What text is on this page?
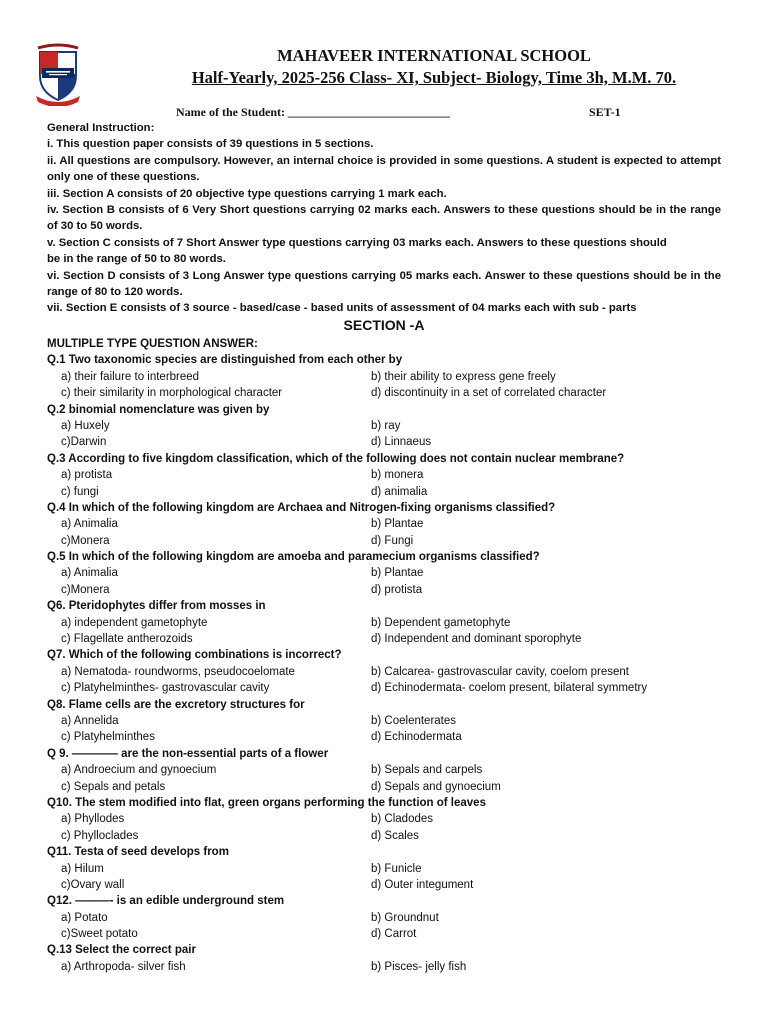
MAHAVEER INTERNATIONAL SCHOOL
Half-Yearly, 2025-256 Class- XI, Subject- Biology, Time 3h, M.M. 70.
Name of the Student: ___________________________	SET-1

General Instruction:

i. This question paper consists of 39 questions in 5 sections.

ii. All questions are compulsory. However, an internal choice is provided in some questions. A student is expected to attempt only one of these questions.

iii. Section A consists of 20 objective type questions carrying 1 mark each.

iv. Section B consists of 6 Very Short questions carrying 02 marks each. Answers to these questions should be in the range of 30 to 50 words.

v. Section C consists of 7 Short Answer type questions carrying 03 marks each. Answers to these questions should be in the range of 50 to 80 words.

vi. Section D consists of 3 Long Answer type questions carrying 05 marks each. Answer to these questions should be in the range of 80 to 120 words.

vii. Section E consists of 3 source - based/case - based units of assessment of 04 marks each with sub - parts

SECTION -A
MULTIPLE TYPE QUESTION ANSWER:
Q.1 Two taxonomic species are distinguished from each other by
a) their failure to interbreed	b) their ability to express gene freely
c) their similarity in morphological character	d) discontinuity in a set of correlated character
Q.2 binomial nomenclature was given by
a) Huxely	b) ray
c)Darwin	d) Linnaeus
Q.3 According to five kingdom classification, which of the following does not contain nuclear membrane?
a) protista	b) monera
c) fungi	d) animalia
Q.4 In which of the following kingdom are Archaea and Nitrogen-fixing organisms classified?
a) Animalia	b) Plantae
c)Monera	d) Fungi
Q.5 In which of the following kingdom are amoeba and paramecium organisms classified?
a) Animalia	b) Plantae
c)Monera	d) protista
Q6. Pteridophytes differ from mosses in
a) independent gametophyte	b) Dependent gametophyte
c) Flagellate antherozoids	d) Independent and dominant sporophyte
Q7. Which of the following combinations is incorrect?
a) Nematoda- roundworms, pseudocoelomate	b) Calcarea- gastrovascular cavity, coelom present
c) Platyhelminthes- gastrovascular cavity	d) Echinodermata- coelom present, bilateral symmetry
Q8. Flame cells are the excretory structures for
a) Annelida	b) Coelenterates
c) Platyhelminthes	d) Echinodermata
Q 9. ———— are the non-essential parts of a flower
a) Androecium and gynoecium	b) Sepals and carpels
c) Sepals and petals	d) Sepals and gynoecium
Q10. The stem modified into flat, green organs performing the function of leaves
a) Phyllodes	b) Cladodes
c) Phylloclades	d) Scales
Q11. Testa of seed develops from
a) Hilum	b) Funicle
c)Ovary wall	d) Outer integument
Q12. ———- is an edible underground stem
a) Potato	b) Groundnut
c)Sweet potato	d) Carrot
Q.13 Select the correct pair
a) Arthropoda- silver fish	b) Pisces- jelly fish
